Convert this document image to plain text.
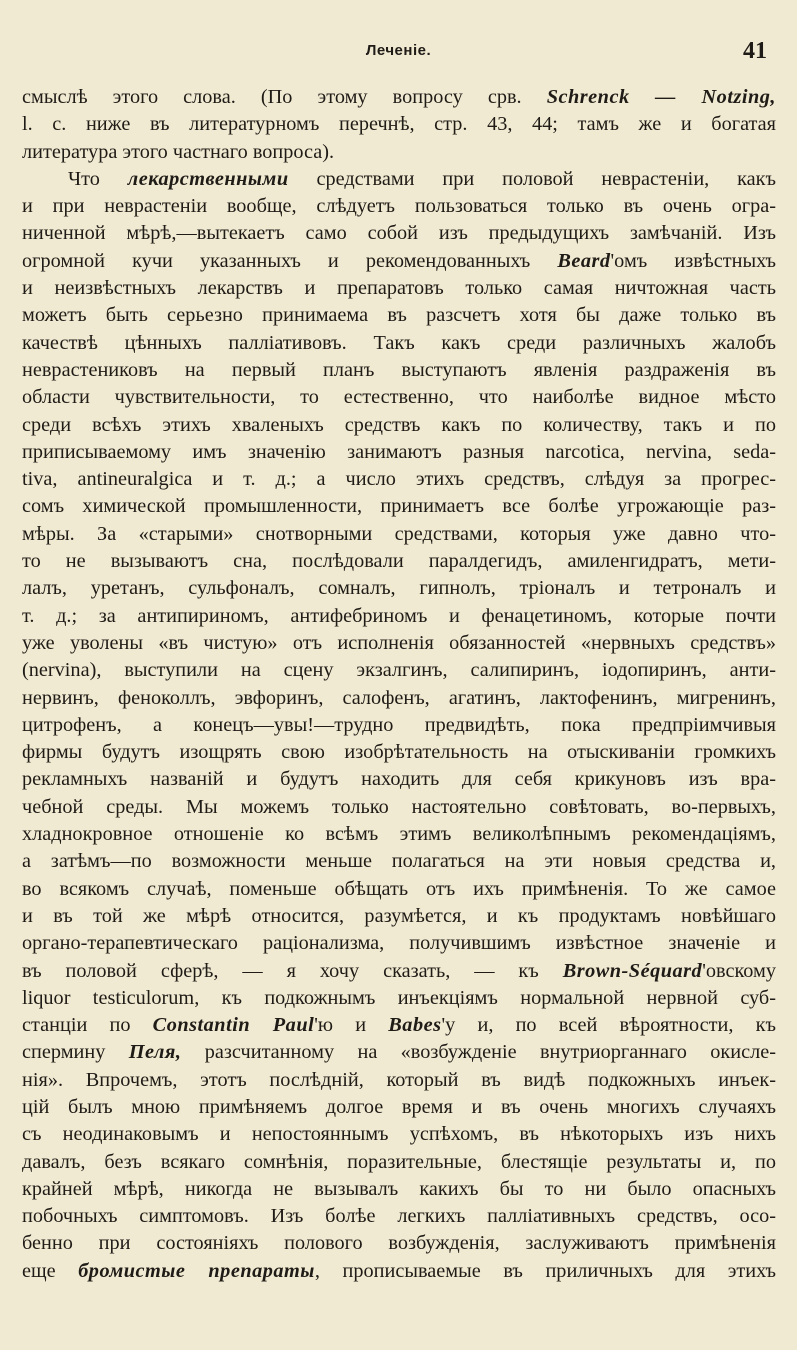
Леченіе.	41
смыслѣ этого слова. (По этому вопросу срв. Schrenck — Notzing,
l. c. ниже въ литературномъ перечнѣ, стр. 43, 44; тамъ же и богатая
литература этого частнаго вопроса).
Что лекарственными средствами при половой неврастеніи, какъ
и при неврастеніи вообще, слѣдуетъ пользоваться только въ очень огра-
ниченной мѣрѣ,—вытекаетъ само собой изъ предыдущихъ замѣчаній. Изъ
огромной кучи указанныхъ и рекомендованныхъ Beard'омъ извѣстныхъ
и неизвѣстныхъ лекарствъ и препаратовъ только самая ничтожная часть
можетъ быть серьезно принимаема въ разсчетъ хотя бы даже только въ
качествѣ цѣнныхъ палліативовъ. Такъ какъ среди различныхъ жалобъ
неврастениковъ на первый планъ выступаютъ явленія раздраженія въ
области чувствительности, то естественно, что наиболѣе видное мѣсто
среди всѣхъ этихъ хваленыхъ средствъ какъ по количеству, такъ и по
приписываемому имъ значенію занимаютъ разныя narcotica, nervina, seda-
tiva, antineuralgica и т. д.; а число этихъ средствъ, слѣдуя за прогрес-
сомъ химической промышленности, принимаетъ все болѣе угрожающіе раз-
мѣры. За «старыми» снотворными средствами, которыя уже давно что-
то не вызываютъ сна, послѣдовали паралдегидъ, амиленгидратъ, мети-
лалъ, уретанъ, сульфоналъ, сомналъ, гипнолъ, тріоналъ и тетроналъ и
т. д.; за антипириномъ, антифебриномъ и фенацетиномъ, которые почти
уже уволены «въ чистую» отъ исполненія обязанностей «нервныхъ средствъ»
(nervina), выступили на сцену экзалгинъ, салипиринъ, іодопиринъ, анти-
нервинъ, феноколлъ, эвфоринъ, салофенъ, агатинъ, лактофенинъ, мигренинъ,
цитрофенъ, а конецъ—увы!—трудно предвидѣть, пока предпріимчивыя
фирмы будутъ изощрять свою изобрѣтательность на отыскиваніи громкихъ
рекламныхъ названій и будутъ находить для себя крикуновъ изъ вра-
чебной среды. Мы можемъ только настоятельно совѣтовать, во-первыхъ,
хладнокровное отношеніе ко всѣмъ этимъ великолѣпнымъ рекомендаціямъ,
а затѣмъ—по возможности меньше полагаться на эти новыя средства и,
во всякомъ случаѣ, поменьше обѣщать отъ ихъ примѣненія. То же самое
и въ той же мѣрѣ относится, разумѣется, и къ продуктамъ новѣйшаго
органо-терапевтическаго раціонализма, получившимъ извѣстное значеніе и
въ половой сферѣ, — я хочу сказать, — къ Brown-Séquard'овскому
liquor testiculorum, къ подкожнымъ инъекціямъ нормальной нервной суб-
станціи по Constantin Paul'ю и Babes'у и, по всей вѣроятности, къ
спермину Пеля, разсчитанному на «возбужденіе внутриорганнаго окисле-
нія». Впрочемъ, этотъ послѣдній, который въ видѣ подкожныхъ инъек-
цій былъ мною примѣняемъ долгое время и въ очень многихъ случаяхъ
съ неодинаковымъ и непостояннымъ успѣхомъ, въ нѣкоторыхъ изъ нихъ
давалъ, безъ всякаго сомнѣнія, поразительные, блестящіе результаты и, по
крайней мѣрѣ, никогда не вызывалъ какихъ бы то ни было опасныхъ
побочныхъ симптомовъ. Изъ болѣе легкихъ палліативныхъ средствъ, осо-
бенно при состояніяхъ полового возбужденія, заслуживаютъ примѣненія
еще бромистые препараты, прописываемые въ приличныхъ для этихъ
